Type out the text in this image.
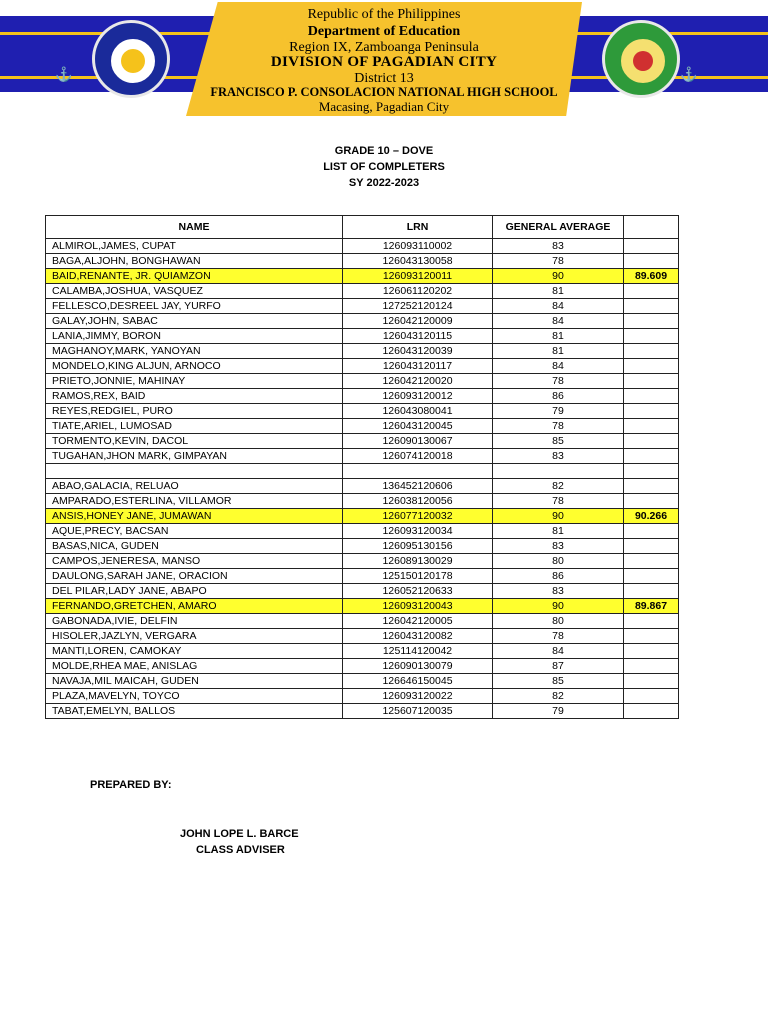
⚓	⚓
Republic of the Philippines
Department of Education
Region IX, Zamboanga Peninsula
DIVISION OF PAGADIAN CITY
District 13
FRANCISCO P. CONSOLACION NATIONAL HIGH SCHOOL
Macasing, Pagadian City
GRADE 10 – DOVE
LIST OF COMPLETERS
SY 2022-2023
NAME	LRN	GENERAL AVERAGE	
ALMIROL,JAMES, CUPAT	126093110002	83	
BAGA,ALJOHN, BONGHAWAN	126043130058	78	
BAID,RENANTE, JR. QUIAMZON	126093120011	90	89.609
CALAMBA,JOSHUA, VASQUEZ	126061120202	81	
FELLESCO,DESREEL JAY, YURFO	127252120124	84	
GALAY,JOHN, SABAC	126042120009	84	
LANIA,JIMMY, BORON	126043120115	81	
MAGHANOY,MARK, YANOYAN	126043120039	81	
MONDELO,KING ALJUN, ARNOCO	126043120117	84	
PRIETO,JONNIE, MAHINAY	126042120020	78	
RAMOS,REX, BAID	126093120012	86	
REYES,REDGIEL, PURO	126043080041	79	
TIATE,ARIEL, LUMOSAD	126043120045	78	
TORMENTO,KEVIN, DACOL	126090130067	85	
TUGAHAN,JHON MARK, GIMPAYAN	126074120018	83	

ABAO,GALACIA, RELUAO	136452120606	82	
AMPARADO,ESTERLINA, VILLAMOR	126038120056	78	
ANSIS,HONEY JANE, JUMAWAN	126077120032	90	90.266
AQUE,PRECY, BACSAN	126093120034	81	
BASAS,NICA, GUDEN	126095130156	83	
CAMPOS,JENERESA, MANSO	126089130029	80	
DAULONG,SARAH JANE, ORACION	125150120178	86	
DEL PILAR,LADY JANE, ABAPO	126052120633	83	
FERNANDO,GRETCHEN, AMARO	126093120043	90	89.867
GABONADA,IVIE, DELFIN	126042120005	80	
HISOLER,JAZLYN, VERGARA	126043120082	78	
MANTI,LOREN, CAMOKAY	125114120042	84	
MOLDE,RHEA MAE, ANISLAG	126090130079	87	
NAVAJA,MIL MAICAH, GUDEN	126646150045	85	
PLAZA,MAVELYN, TOYCO	126093120022	82	
TABAT,EMELYN, BALLOS	125607120035	79	
PREPARED BY:
JOHN LOPE L. BARCE
CLASS ADVISER
